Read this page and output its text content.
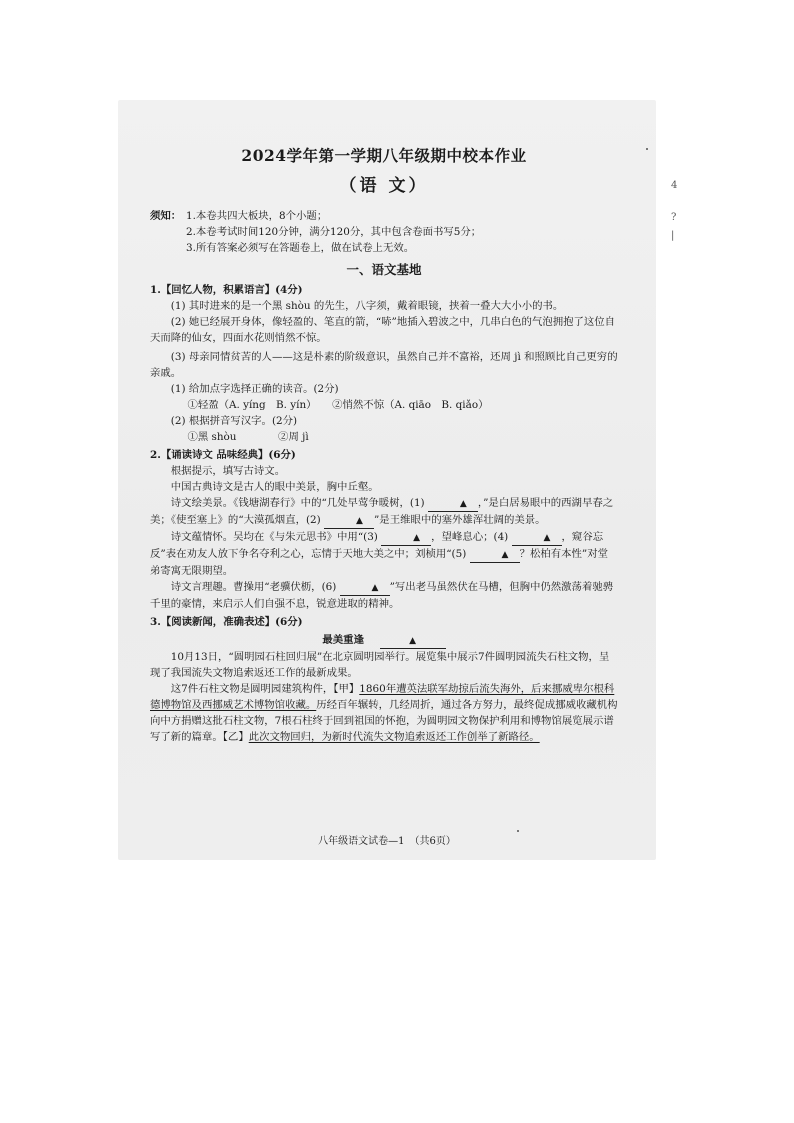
2024学年第一学期八年级期中校本作业
（语 文）
须知： 1.本卷共四大板块，8个小题；
2.本卷考试时间120分钟，满分120分，其中包含卷面书写5分；
3.所有答案必须写在答题卷上，做在试卷上无效。
一、语文基地

1.【回忆人物，积累语言】(4分)

(1) 其时进来的是一个黑 shòu 的先生，八字须，戴着眼镜，挟着一叠大大小小的书。

(2) 她已经展开身体，像轻盈的、笔直的箭，“哧”地插入碧波之中，几串白色的气泡拥抱了这位自天而降的仙女，四面水花则悄然不惊。

(3) 母亲同情贫苦的人——这是朴素的阶级意识，虽然自己并不富裕，还周 jì 和照顾比自己更穷的亲戚。

(1) 给加点字选择正确的读音。(2分)

①轻盈（A. yíng　B. yín）　　②悄然不惊（A. qiāo　B. qiǎo）

(2) 根据拼音写汉字。(2分)

①黑 shòu　　　　②周 jì

2.【诵读诗文 品味经典】(6分)

根据提示，填写古诗文。

中国古典诗文是古人的眼中美景，胸中丘壑。

诗文绘美景。《钱塘湖春行》中的“几处早莺争暖树，(1)	▲ ，”是白居易眼中的西湖早春之美；《使至塞上》的“大漠孤烟直，(2)	▲ ”是王维眼中的塞外雄浑壮阔的美景。

诗文蕴情怀。吴均在《与朱元思书》中用“(3)	▲ ，望峰息心；(4)	▲ ，窥谷忘反”表在劝友人放下争名夺利之心，忘情于天地大美之中；刘桢用“(5)	▲ ？松柏有本性”对堂弟寄寓无限期望。

诗文言理趣。曹操用“老骥伏枥，(6)	▲ ”写出老马虽然伏在马槽，但胸中仍然激荡着驰骋千里的豪情，来启示人们自强不息，锐意进取的精神。

3.【阅读新闻，准确表述】(6分)

最美重逢	▲

10月13日，“圆明园石柱回归展”在北京圆明园举行。展览集中展示7件圆明园流失石柱文物，呈现了我国流失文物追索返还工作的最新成果。

这7件石柱文物是圆明园建筑构件，【甲】1860年遭英法联军劫掠后流失海外，后来挪威卑尔根科德博物馆及西挪威艺术博物馆收藏。历经百年辗转，几经周折，通过各方努力，最终促成挪威收藏机构向中方捐赠这批石柱文物，7根石柱终于回到祖国的怀抱，为圆明园文物保护利用和博物馆展览展示谱写了新的篇章。【乙】此次文物回归，为新时代流失文物追索返还工作创举了新路径。

八年级语文试卷—1　（共6页）
4
?
|
